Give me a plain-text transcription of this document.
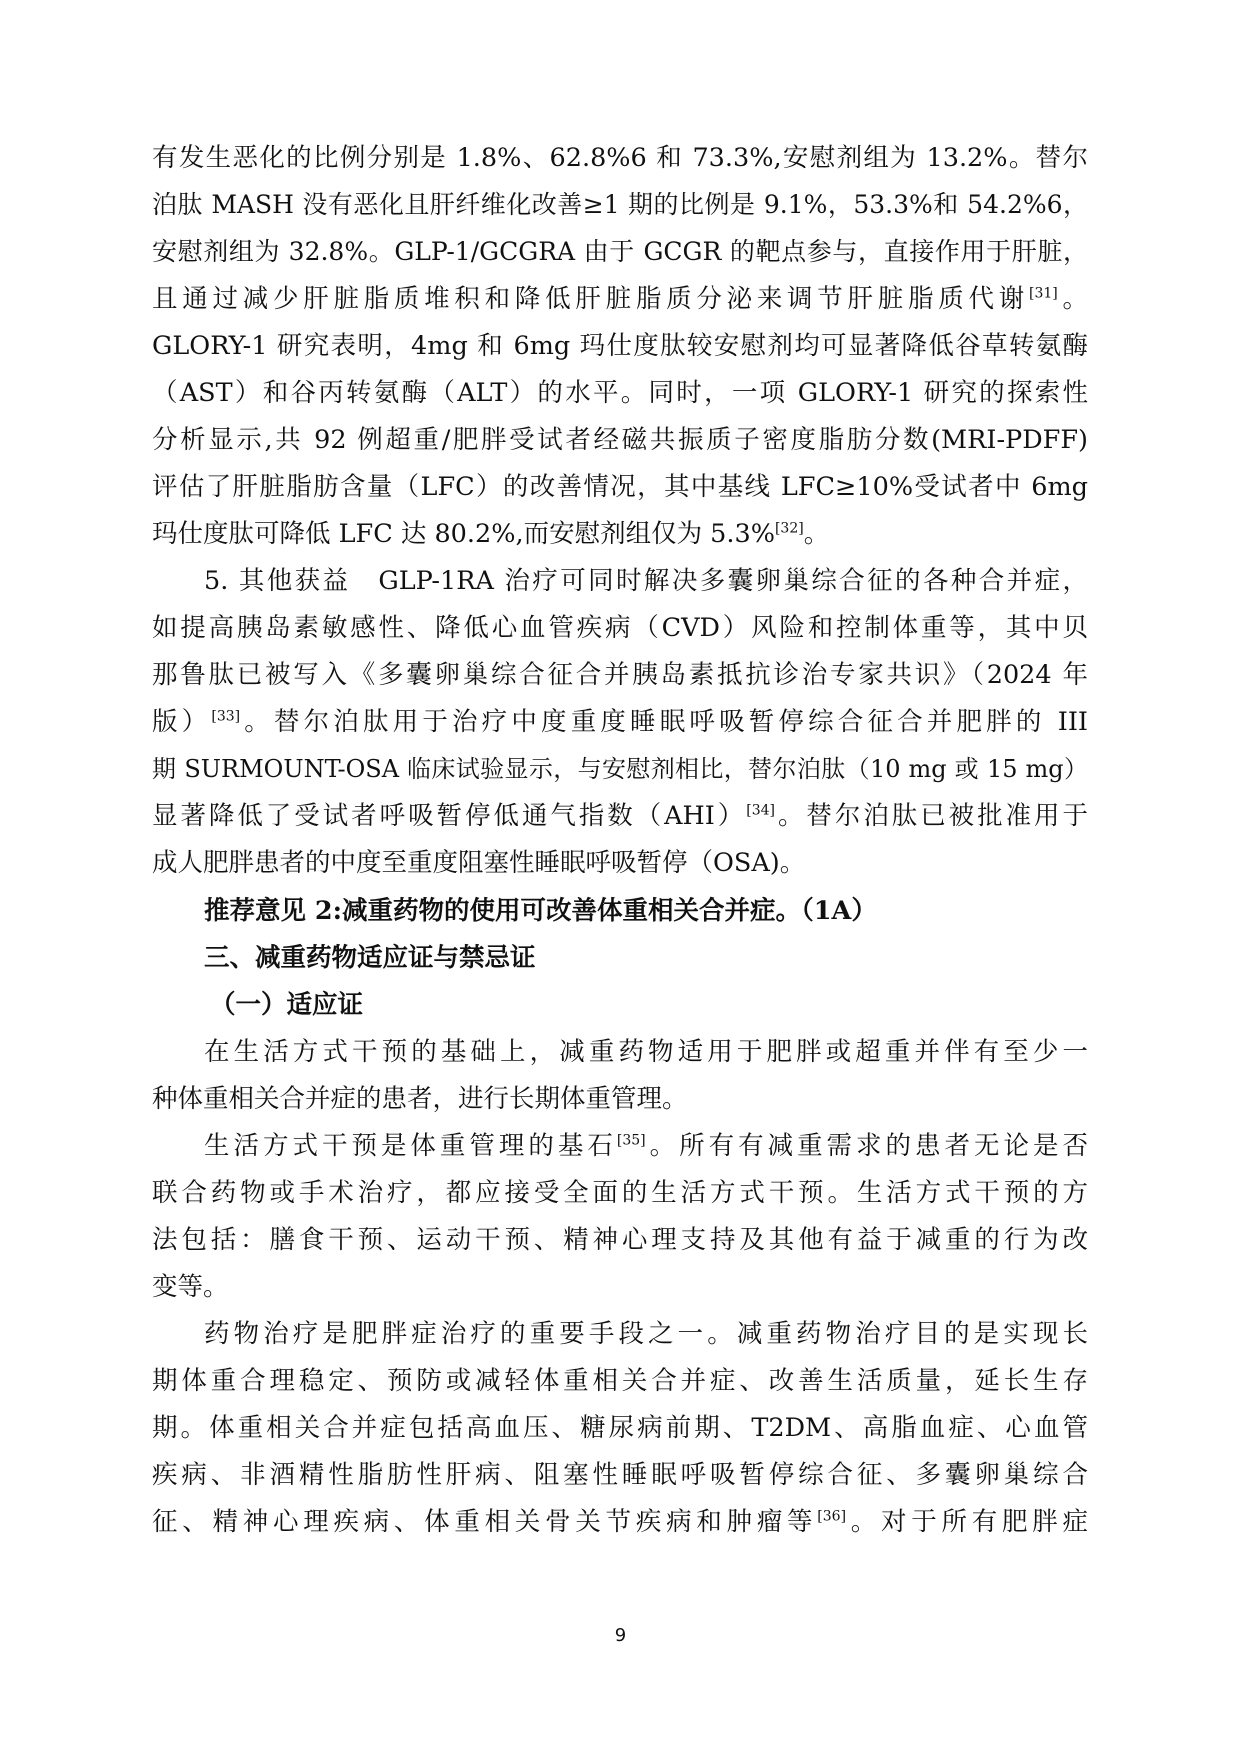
有发生恶化的比例分别是 1.8%、62.8%6 和 73.3%,安慰剂组为 13.2%。替尔
泊肽 MASH 没有恶化且肝纤维化改善≥1 期的比例是 9.1%，53.3%和 54.2%6，
安慰剂组为 32.8%。GLP-1/GCGRA 由于 GCGR 的靶点参与，直接作用于肝脏，
且通过减少肝脏脂质堆积和降低肝脏脂质分泌来调节肝脏脂质代谢[31]。
GLORY-1 研究表明，4mg 和 6mg 玛仕度肽较安慰剂均可显著降低谷草转氨酶
（AST）和谷丙转氨酶（ALT）的水平。同时，一项 GLORY-1 研究的探索性
分析显示,共 92 例超重/肥胖受试者经磁共振质子密度脂肪分数(MRI-PDFF)
评估了肝脏脂肪含量（LFC）的改善情况，其中基线 LFC≥10%受试者中 6mg
玛仕度肽可降低 LFC 达 80.2%,而安慰剂组仅为 5.3%[32]。
5. 其他获益　GLP-1RA 治疗可同时解决多囊卵巢综合征的各种合并症，
如提高胰岛素敏感性、降低心血管疾病（CVD）风险和控制体重等，其中贝
那鲁肽已被写入《多囊卵巢综合征合并胰岛素抵抗诊治专家共识》（2024 年
版）[33]。替尔泊肽用于治疗中度重度睡眠呼吸暂停综合征合并肥胖的 III
期 SURMOUNT-OSA 临床试验显示，与安慰剂相比，替尔泊肽（10 mg 或 15 mg）
显著降低了受试者呼吸暂停低通气指数（AHI）[34]。替尔泊肽已被批准用于
成人肥胖患者的中度至重度阻塞性睡眠呼吸暂停（OSA)。
推荐意见 2:减重药物的使用可改善体重相关合并症。（1A）
三、减重药物适应证与禁忌证
（一）适应证
在生活方式干预的基础上，减重药物适用于肥胖或超重并伴有至少一
种体重相关合并症的患者，进行长期体重管理。
生活方式干预是体重管理的基石[35]。所有有减重需求的患者无论是否
联合药物或手术治疗，都应接受全面的生活方式干预。生活方式干预的方
法包括：膳食干预、运动干预、精神心理支持及其他有益于减重的行为改
变等。
药物治疗是肥胖症治疗的重要手段之一。减重药物治疗目的是实现长
期体重合理稳定、预防或减轻体重相关合并症、改善生活质量，延长生存
期。体重相关合并症包括高血压、糖尿病前期、T2DM、高脂血症、心血管
疾病、非酒精性脂肪性肝病、阻塞性睡眠呼吸暂停综合征、多囊卵巢综合
征、精神心理疾病、体重相关骨关节疾病和肿瘤等[36]。对于所有肥胖症
9
